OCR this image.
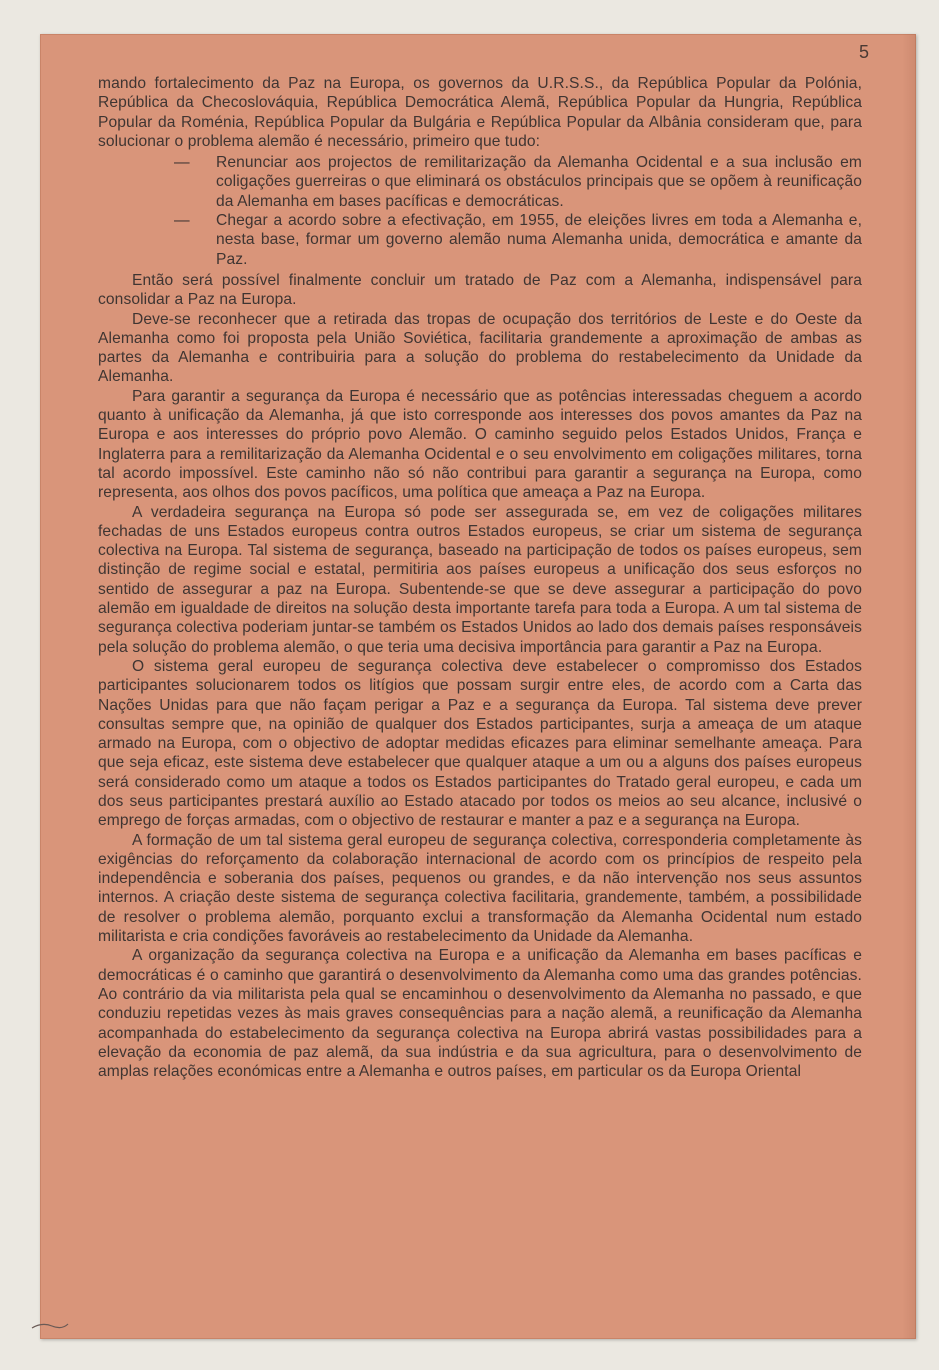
5

mando fortalecimento da Paz na Europa, os governos da U.R.S.S., da República Popular da Polónia, República da Checoslováquia, República Democrática Alemã, República Popular da Hungria, República Popular da Roménia, República Popular da Bulgária e República Popular da Albânia consideram que, para solucionar o problema alemão é necessário, primeiro que tudo:

— Renunciar aos projectos de remilitarização da Alemanha Ocidental e a sua inclusão em coligações guerreiras o que eliminará os obstáculos principais que se opõem à reunificação da Alemanha em bases pacíficas e democráticas.

— Chegar a acordo sobre a efectivação, em 1955, de eleições livres em toda a Alemanha e, nesta base, formar um governo alemão numa Alemanha unida, democrática e amante da Paz.

Então será possível finalmente concluir um tratado de Paz com a Alemanha, indispensável para consolidar a Paz na Europa.

Deve-se reconhecer que a retirada das tropas de ocupação dos territórios de Leste e do Oeste da Alemanha como foi proposta pela União Soviética, facilitaria grandemente a aproximação de ambas as partes da Alemanha e contribuiria para a solução do problema do restabelecimento da Unidade da Alemanha.

Para garantir a segurança da Europa é necessário que as potências interessadas cheguem a acordo quanto à unificação da Alemanha, já que isto corresponde aos interesses dos povos amantes da Paz na Europa e aos interesses do próprio povo Alemão. O caminho seguido pelos Estados Unidos, França e Inglaterra para a remilitarização da Alemanha Ocidental e o seu envolvimento em coligações militares, torna tal acordo impossível. Este caminho não só não contribui para garantir a segurança na Europa, como representa, aos olhos dos povos pacíficos, uma política que ameaça a Paz na Europa.

A verdadeira segurança na Europa só pode ser assegurada se, em vez de coligações militares fechadas de uns Estados europeus contra outros Estados europeus, se criar um sistema de segurança colectiva na Europa. Tal sistema de segurança, baseado na participação de todos os países europeus, sem distinção de regime social e estatal, permitiria aos países europeus a unificação dos seus esforços no sentido de assegurar a paz na Europa. Subentende-se que se deve assegurar a participação do povo alemão em igualdade de direitos na solução desta importante tarefa para toda a Europa. A um tal sistema de segurança colectiva poderiam juntar-se também os Estados Unidos ao lado dos demais países responsáveis pela solução do problema alemão, o que teria uma decisiva importância para garantir a Paz na Europa.

O sistema geral europeu de segurança colectiva deve estabelecer o compromisso dos Estados participantes solucionarem todos os litígios que possam surgir entre eles, de acordo com a Carta das Nações Unidas para que não façam perigar a Paz e a segurança da Europa. Tal sistema deve prever consultas sempre que, na opinião de qualquer dos Estados participantes, surja a ameaça de um ataque armado na Europa, com o objectivo de adoptar medidas eficazes para eliminar semelhante ameaça. Para que seja eficaz, este sistema deve estabelecer que qualquer ataque a um ou a alguns dos países europeus será considerado como um ataque a todos os Estados participantes do Tratado geral europeu, e cada um dos seus participantes prestará auxílio ao Estado atacado por todos os meios ao seu alcance, inclusivé o emprego de forças armadas, com o objectivo de restaurar e manter a paz e a segurança na Europa.

A formação de um tal sistema geral europeu de segurança colectiva, corresponderia completamente às exigências do reforçamento da colaboração internacional de acordo com os princípios de respeito pela independência e soberania dos países, pequenos ou grandes, e da não intervenção nos seus assuntos internos. A criação deste sistema de segurança colectiva facilitaria, grandemente, também, a possibilidade de resolver o problema alemão, porquanto exclui a transformação da Alemanha Ocidental num estado militarista e cria condições favoráveis ao restabelecimento da Unidade da Alemanha.

A organização da segurança colectiva na Europa e a unificação da Alemanha em bases pacíficas e democráticas é o caminho que garantirá o desenvolvimento da Alemanha como uma das grandes potências. Ao contrário da via militarista pela qual se encaminhou o desenvolvimento da Alemanha no passado, e que conduziu repetidas vezes às mais graves consequências para a nação alemã, a reunificação da Alemanha acompanhada do estabelecimento da segurança colectiva na Europa abrirá vastas possibilidades para a elevação da economia de paz alemã, da sua indústria e da sua agricultura, para o desenvolvimento de amplas relações económicas entre a Alemanha e outros países, em particular os da Europa Oriental
